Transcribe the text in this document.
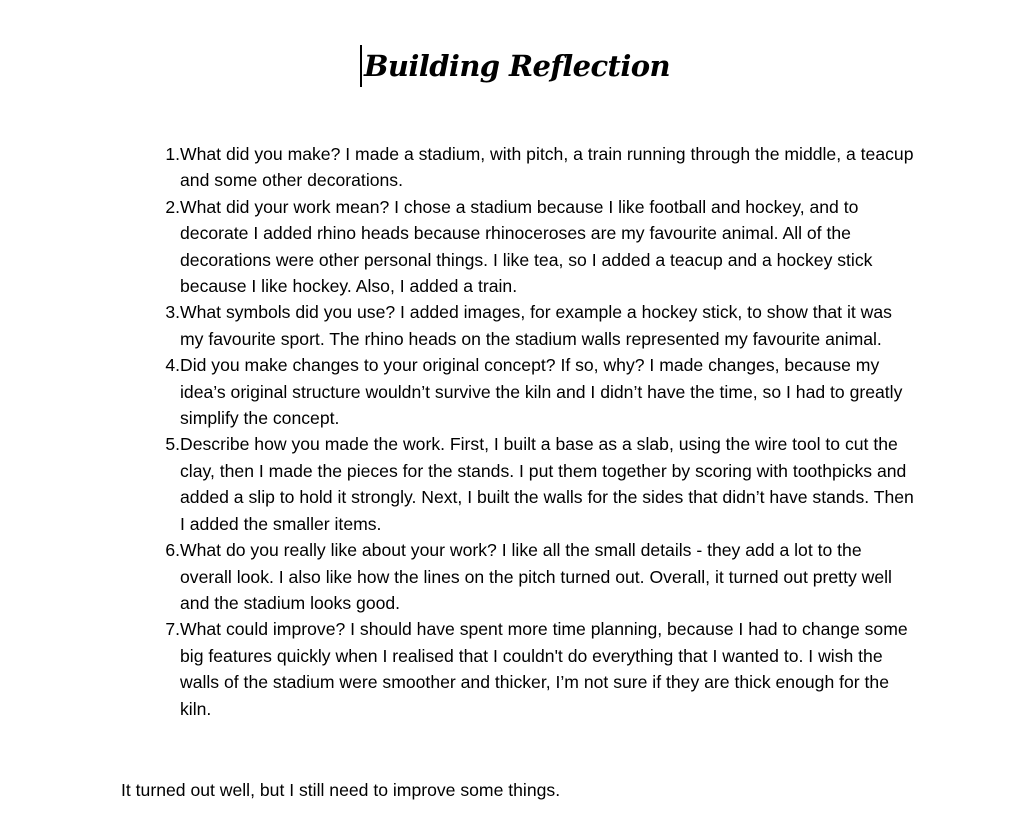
Building Reflection
1. What did you make? I made a stadium, with pitch, a train running through the middle, a teacup and some other decorations.
2. What did your work mean? I chose a stadium because I like football and hockey, and to decorate I added rhino heads because rhinoceroses are my favourite animal. All of the decorations were other personal things. I like tea, so I added a teacup and a hockey stick because I like hockey. Also, I added a train.
3. What symbols did you use? I added images, for example a hockey stick, to show that it was my favourite sport. The rhino heads on the stadium walls represented my favourite animal.
4. Did you make changes to your original concept? If so, why? I made changes, because my idea’s original structure wouldn’t survive the kiln and I didn’t have the time, so I had to greatly simplify the concept.
5. Describe how you made the work. First, I built a base as a slab, using the wire tool to cut the clay, then I made the pieces for the stands. I put them together by scoring with toothpicks and added a slip to hold it strongly. Next, I built the walls for the sides that didn’t have stands. Then I added the smaller items.
6. What do you really like about your work? I like all the small details - they add a lot to the overall look. I also like how the lines on the pitch turned out. Overall, it turned out pretty well and the stadium looks good.
7. What could improve? I should have spent more time planning, because I had to change some big features quickly when I realised that I couldn't do everything that I wanted to. I wish the walls of the stadium were smoother and thicker, I’m not sure if they are thick enough for the kiln.

It turned out well, but I still need to improve some things.
